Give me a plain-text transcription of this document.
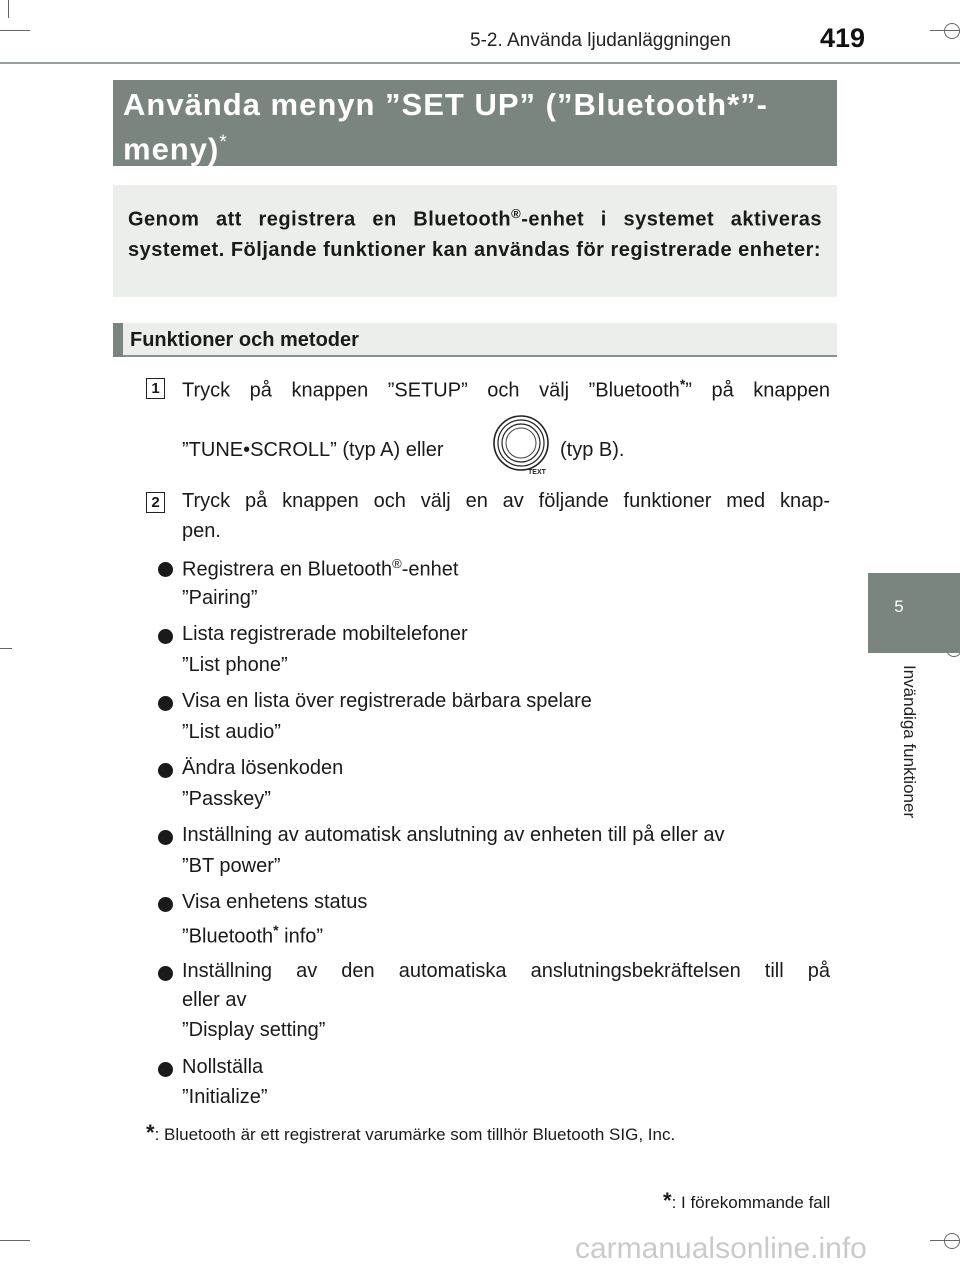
5-2. Använda ljudanläggningen	419
5
Invändiga funktioner
Använda menyn ”SET UP” (”Bluetooth*”-
meny)*
Genom att registrera en Bluetooth®-enhet i systemet aktiveras systemet. Följande funktioner kan användas för registrerade enheter:
Funktioner och metoder
1 Tryck på knappen ”SETUP” och välj ”Bluetooth*” på knappen
”TUNE•SCROLL” (typ A) eller
TEXT
(typ B).
2 Tryck på knappen och välj en av följande funktioner med knap-
pen.
Registrera en Bluetooth®-enhet
”Pairing”
Lista registrerade mobiltelefoner
”List phone”
Visa en lista över registrerade bärbara spelare
”List audio”
Ändra lösenkoden
”Passkey”
Inställning av automatisk anslutning av enheten till på eller av
”BT power”
Visa enhetens status
”Bluetooth* info”
Inställning av den automatiska anslutningsbekräftelsen till på
eller av
”Display setting”
Nollställa
”Initialize”
*: Bluetooth är ett registrerat varumärke som tillhör Bluetooth SIG, Inc.
*: I förekommande fall
carmanualsonline.info
